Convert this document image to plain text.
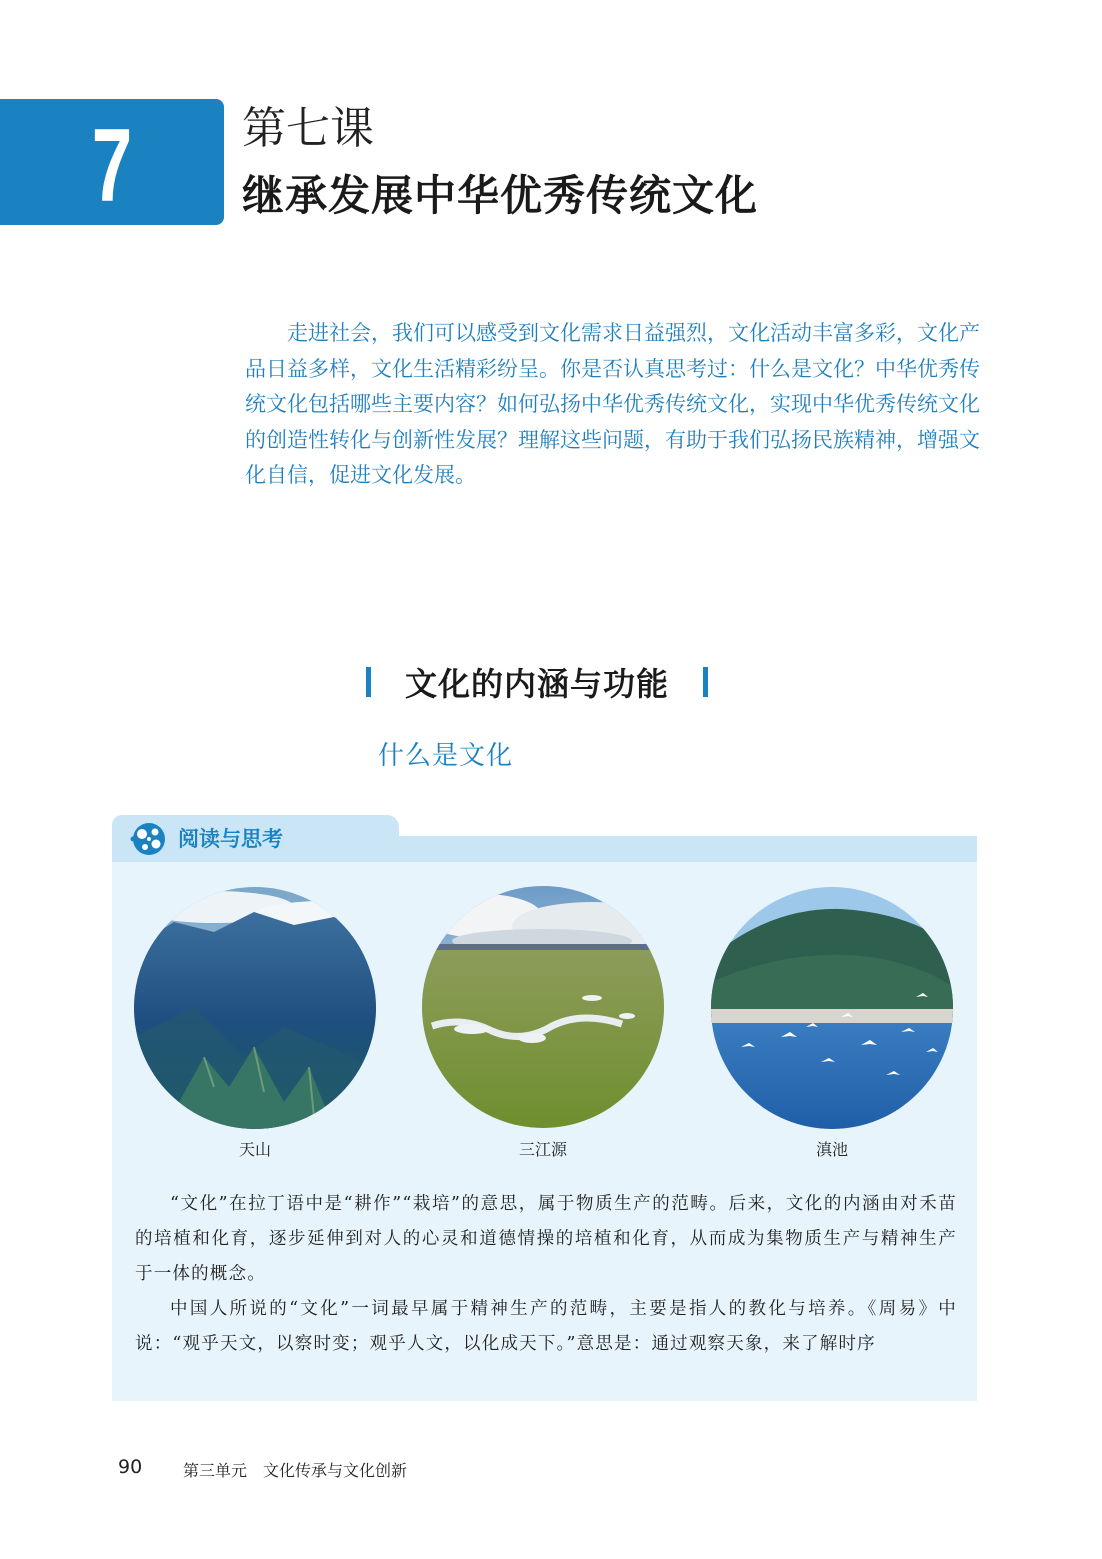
7	第七课
继承发展中华优秀传统文化

走进社会，我们可以感受到文化需求日益强烈，文化活动丰富多彩，文化产品日益多样，文化生活精彩纷呈。你是否认真思考过：什么是文化？中华优秀传统文化包括哪些主要内容？如何弘扬中华优秀传统文化，实现中华优秀传统文化的创造性转化与创新性发展？理解这些问题，有助于我们弘扬民族精神，增强文化自信，促进文化发展。

文化的内涵与功能
什么是文化
阅读与思考

天山	三江源	滇池

“文化”在拉丁语中是“耕作”“栽培”的意思，属于物质生产的范畴。后来，文化的内涵由对禾苗的培植和化育，逐步延伸到对人的心灵和道德情操的培植和化育，从而成为集物质生产与精神生产于一体的概念。

中国人所说的“文化”一词最早属于精神生产的范畴，主要是指人的教化与培养。《周易》中说：“观乎天文，以察时变；观乎人文，以化成天下。”意思是：通过观察天象，来了解时序

90	第三单元　文化传承与文化创新
